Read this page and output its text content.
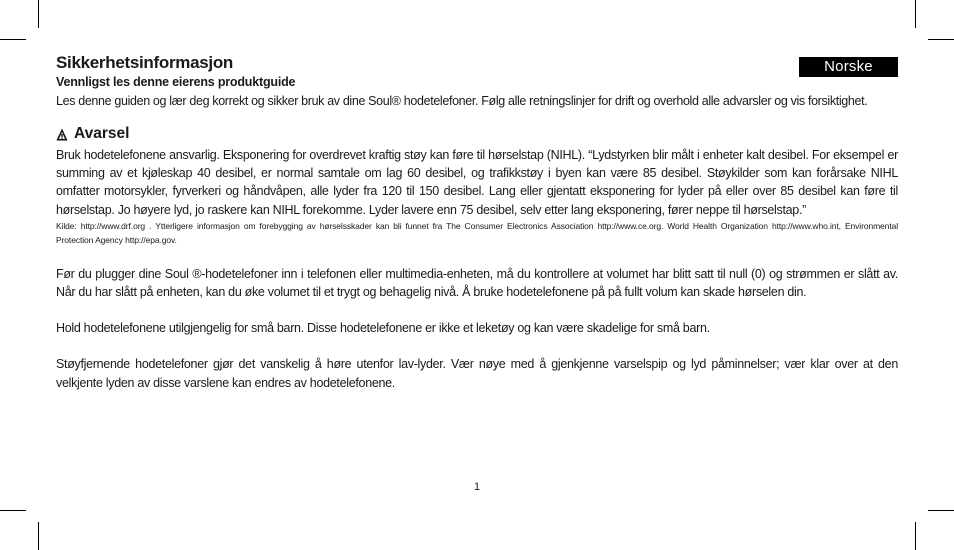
Norske
Sikkerhetsinformasjon

Vennligst les denne eierens produktguide

Les denne guiden og lær deg korrekt og sikker bruk av dine Soul® hodetelefoner. Følg alle retningslinjer for drift og overhold alle advarsler og vis forsiktighet.

Avarsel

Bruk hodetelefonene ansvarlig. Eksponering for overdrevet kraftig støy kan føre til hørselstap (NIHL). “Lydstyrken blir målt i enheter kalt desibel. For eksempel er summing av et kjøleskap 40 desibel, er normal samtale om lag 60 desibel, og trafikkstøy i byen kan være 85 desibel. Støykilder som kan forårsake NIHL omfatter motorsykler, fyrverkeri og håndvåpen, alle lyder fra 120 til 150 desibel. Lang eller gjentatt eksponering for lyder på eller over 85 desibel kan føre til hørselstap. Jo høyere lyd, jo raskere kan NIHL forekomme. Lyder lavere enn 75 desibel, selv etter lang eksponering, fører neppe til hørselstap.”

Kilde: http://www.drf.org . Ytterligere informasjon om forebygging av hørselsskader kan bli funnet fra The Consumer Electronics Association http://www.ce.org. World Health Organization http://www.who.int, Environmental Protection Agency http://epa.gov.

Før du plugger dine Soul ®-hodetelefoner inn i telefonen eller multimedia-enheten, må du kontrollere at volumet har blitt satt til null (0) og strømmen er slått av. Når du har slått på enheten, kan du øke volumet til et trygt og behagelig nivå. Å bruke hodetelefonene på på fullt volum kan skade hørselen din.

Hold hodetelefonene utilgjengelig for små barn. Disse hodetelefonene er ikke et leketøy og kan være skadelige for små barn.

Støyfjernende hodetelefoner gjør det vanskelig å høre utenfor lav-lyder. Vær nøye med å gjenkjenne varselspip og lyd påminnelser; vær klar over at den velkjente lyden av disse varslene kan endres av hodetelefonene.

1
